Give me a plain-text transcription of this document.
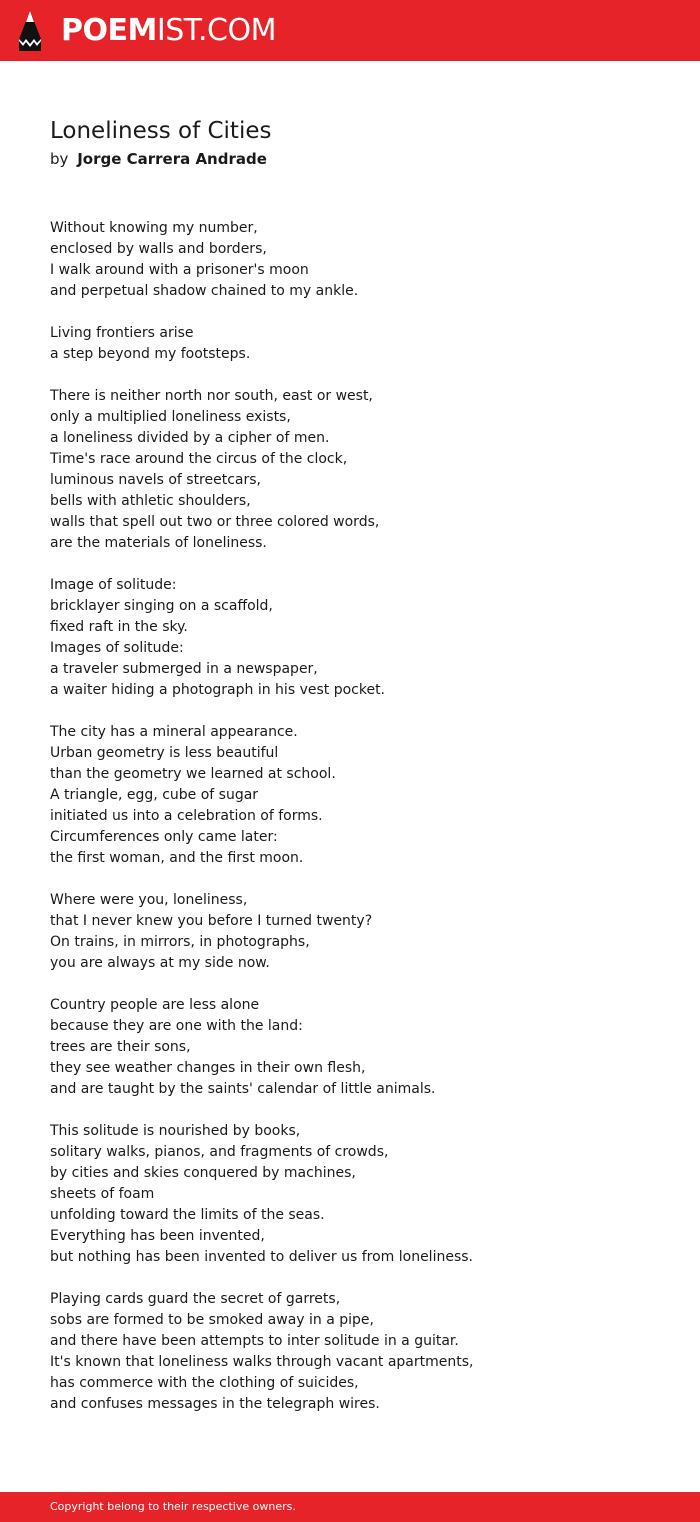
POEMIST.COM
Loneliness of Cities
by Jorge Carrera Andrade
Without knowing my number,
enclosed by walls and borders,
I walk around with a prisoner's moon
and perpetual shadow chained to my ankle.
Living frontiers arise
a step beyond my footsteps.
There is neither north nor south, east or west,
only a multiplied loneliness exists,
a loneliness divided by a cipher of men.
Time's race around the circus of the clock,
luminous navels of streetcars,
bells with athletic shoulders,
walls that spell out two or three colored words,
are the materials of loneliness.
Image of solitude:
bricklayer singing on a scaffold,
fixed raft in the sky.
Images of solitude:
a traveler submerged in a newspaper,
a waiter hiding a photograph in his vest pocket.
The city has a mineral appearance.
Urban geometry is less beautiful
than the geometry we learned at school.
A triangle, egg, cube of sugar
initiated us into a celebration of forms.
Circumferences only came later:
the first woman, and the first moon.
Where were you, loneliness,
that I never knew you before I turned twenty?
On trains, in mirrors, in photographs,
you are always at my side now.
Country people are less alone
because they are one with the land:
trees are their sons,
they see weather changes in their own flesh,
and are taught by the saints' calendar of little animals.
This solitude is nourished by books,
solitary walks, pianos, and fragments of crowds,
by cities and skies conquered by machines,
sheets of foam
unfolding toward the limits of the seas.
Everything has been invented,
but nothing has been invented to deliver us from loneliness.
Playing cards guard the secret of garrets,
sobs are formed to be smoked away in a pipe,
and there have been attempts to inter solitude in a guitar.
It's known that loneliness walks through vacant apartments,
has commerce with the clothing of suicides,
and confuses messages in the telegraph wires.
Copyright belong to their respective owners.
